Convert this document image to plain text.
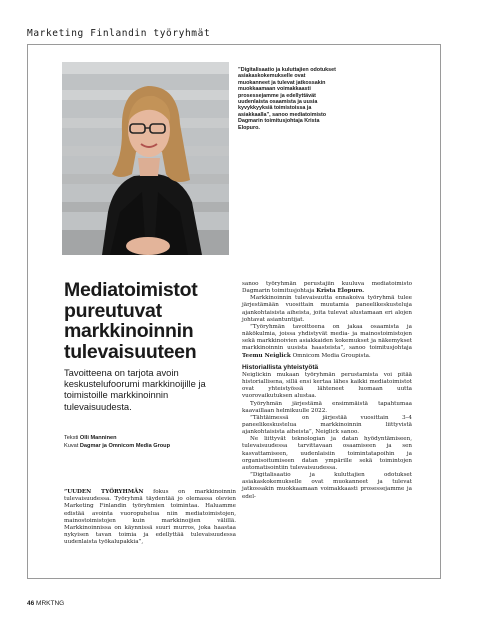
Marketing Finlandin työryhmät
”Digitalisaatio ja kuluttajien odotukset asiakaskokemukselle ovat muokanneet ja tulevat jatkossakin muokkaamaan voimakkaasti prosessejamme ja edellyttävät uudenlaista osaamista ja uusia kyvykkyyksiä toimistoissa ja asiakkaalla”, sanoo mediatoimisto Dagmarin toimitusjohtaja Krista Elopuro.
Mediatoimistot pureutuvat markkinoinnin tulevaisuuteen
Tavoitteena on tarjota avoin keskustelufoorumi markkinoijille ja toimistoille markkinoinnin tulevaisuudesta.
Teksti Olli Manninen
Kuvat Dagmar ja Omnicom Media Group

”UUDEN TYÖRYHMÄN fokus on markkinoinnin tulevaisuudessa. Työryhmä täydentää jo olemassa olevien Marketing Finlandin työryhmien toimintaa. Haluamme edistää avointa vuoropuhelua niin mediatoimistojen, mainostoimistojen kuin markkinoijien välillä. Markkinoinnissa on käynnissä suuri murros, joka haastaa nykyisen tavan toimia ja edellyttää tulevaisuudessa uudenlaista työkalupakkia”,

sanoo työryhmän perustajiin kuuluva mediatoimisto Dagmarin toimitusjohtaja Krista Elopuro.

Markkinoinnin tulevaisuutta ennakoiva työryhmä tulee järjestämään vuosittain muutamia paneelikeskusteluja ajankohtaisista aiheista, joita tulevat alustamaan eri alojen johtavat asiantuntijat.

”Työryhmän tavoitteena on jakaa osaamista ja näkökulmia, joissa yhdistyvät media- ja mainostoimistojen sekä markkinoivien asiakkaiden kokemukset ja näkemykset markkinoinnin uusista haasteista”, sanoo toimitusjohtaja Teemu Neiglick Omnicom Media Groupista.

Historiallista yhteistyötä

Neiglickin mukaan työryhmän perustamista voi pitää historiallisena, sillä ensi kertaa lähes kaikki mediatoimistot ovat yhteistyössä lähteneet luomaan uutta vuorovaikutuksen alustaa.

Työryhmän järjestämä ensimmäistä tapahtumaa kaavaillaan helmikuulle 2022.

”Tähtäimessä on järjestää vuosittain 3–4 paneelikeskustelua markkinoinnin liittyvistä ajankohtaisista aiheista”, Neiglick sanoo.

Ne liittyvät teknologian ja datan hyödyntämiseen, tulevaisuudessa tarvittavaan osaamiseen ja sen kasvattamiseen, uudenlaisiin toimintatapoihin ja organisoitumiseen datan ympärille sekä toimintojen automatisointiin tulevaisuudessa.

”Digitalisaatio ja kuluttajien odotukset asiakaskokemukselle ovat muokanneet ja tulevat jatkossakin muokkaamaan voimakkaasti prosessejamme ja edel-

46 MRKTNG
